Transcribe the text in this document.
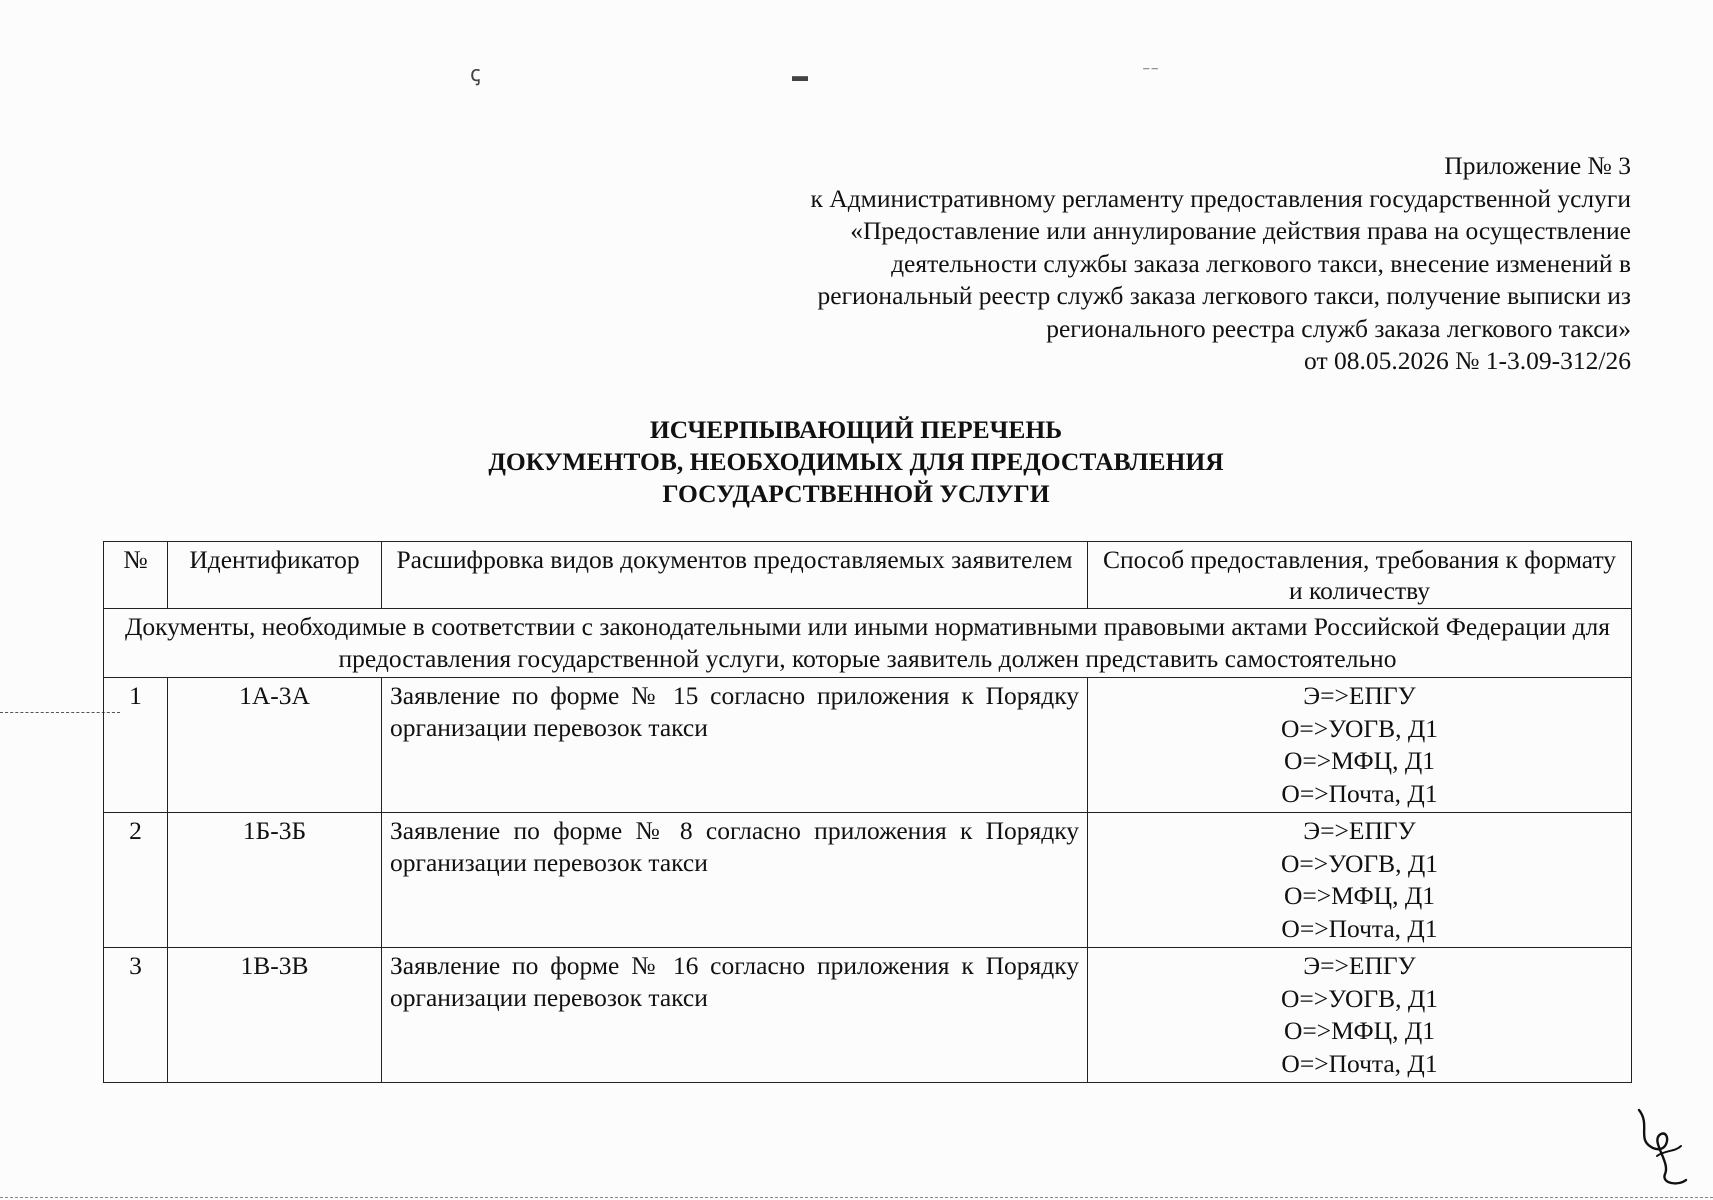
ꞔ	▬	⁻⁻
Приложение № 3
к Административному регламенту предоставления государственной услуги
«Предоставление или аннулирование действия права на осуществление
деятельности службы заказа легкового такси, внесение изменений в
региональный реестр служб заказа легкового такси, получение выписки из
регионального реестра служб заказа легкового такси»
от 08.05.2026 № 1-3.09-312/26
ИСЧЕРПЫВАЮЩИЙ ПЕРЕЧЕНЬ
ДОКУМЕНТОВ, НЕОБХОДИМЫХ ДЛЯ ПРЕДОСТАВЛЕНИЯ
ГОСУДАРСТВЕННОЙ УСЛУГИ
№	Идентификатор	Расшифровка видов документов предоставляемых заявителем	Способ предоставления, требования к формату и количеству
Документы, необходимые в соответствии с законодательными или иными нормативными правовыми актами Российской Федерации для предоставления государственной услуги, которые заявитель должен представить самостоятельно			
1	1А-3А	Заявление по форме № 15 согласно приложения к Порядку организации перевозок такси	Э=>ЕПГУ
О=>УОГВ, Д1
О=>МФЦ, Д1
О=>Почта, Д1

2	1Б-3Б	Заявление по форме № 8 согласно приложения к Порядку организации перевозок такси	Э=>ЕПГУ
О=>УОГВ, Д1
О=>МФЦ, Д1
О=>Почта, Д1

3	1В-3В	Заявление по форме № 16 согласно приложения к Порядку организации перевозок такси	Э=>ЕПГУ
О=>УОГВ, Д1
О=>МФЦ, Д1
О=>Почта, Д1
